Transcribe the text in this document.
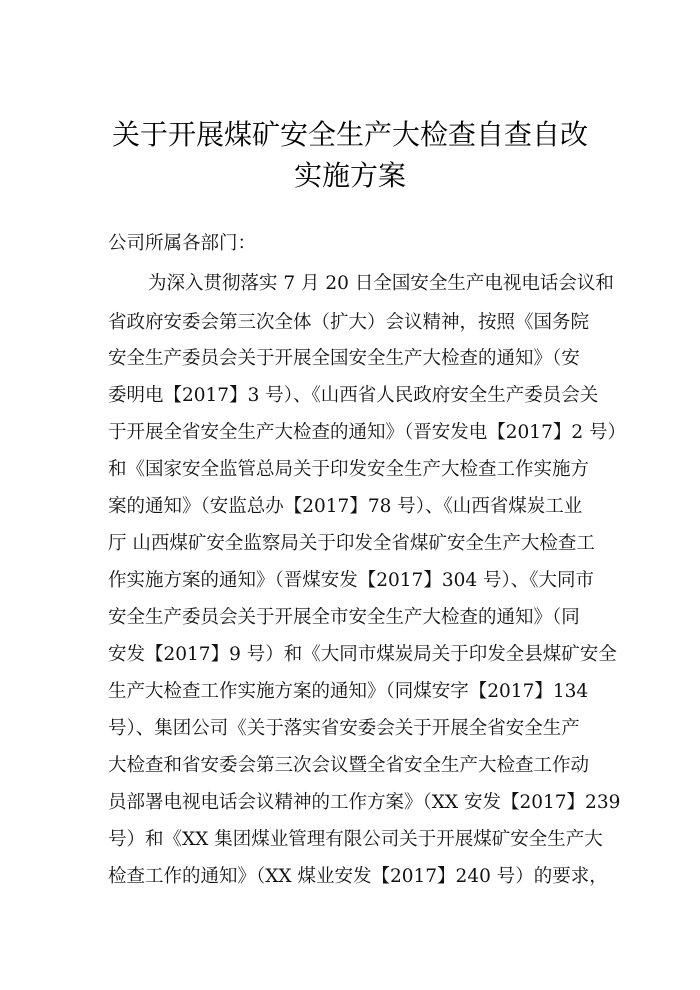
关于开展煤矿安全生产大检查自查自改
实施方案
公司所属各部门：
为深入贯彻落实 7 月 20 日全国安全生产电视电话会议和
省政府安委会第三次全体（扩大）会议精神，按照《国务院
安全生产委员会关于开展全国安全生产大检查的通知》（安
委明电【2017】3 号）、《山西省人民政府安全生产委员会关
于开展全省安全生产大检查的通知》（晋安发电【2017】2 号）
和《国家安全监管总局关于印发安全生产大检查工作实施方
案的通知》（安监总办【2017】78 号）、《山西省煤炭工业
厅 山西煤矿安全监察局关于印发全省煤矿安全生产大检查工
作实施方案的通知》（晋煤安发【2017】304 号）、《大同市
安全生产委员会关于开展全市安全生产大检查的通知》（同
安发【2017】9 号）和《大同市煤炭局关于印发全县煤矿安全
生产大检查工作实施方案的通知》（同煤安字【2017】134
号）、集团公司《关于落实省安委会关于开展全省安全生产
大检查和省安委会第三次会议暨全省安全生产大检查工作动
员部署电视电话会议精神的工作方案》（XX 安发【2017】239
号）和《XX 集团煤业管理有限公司关于开展煤矿安全生产大
检查工作的通知》（XX 煤业安发【2017】240 号）的要求，
